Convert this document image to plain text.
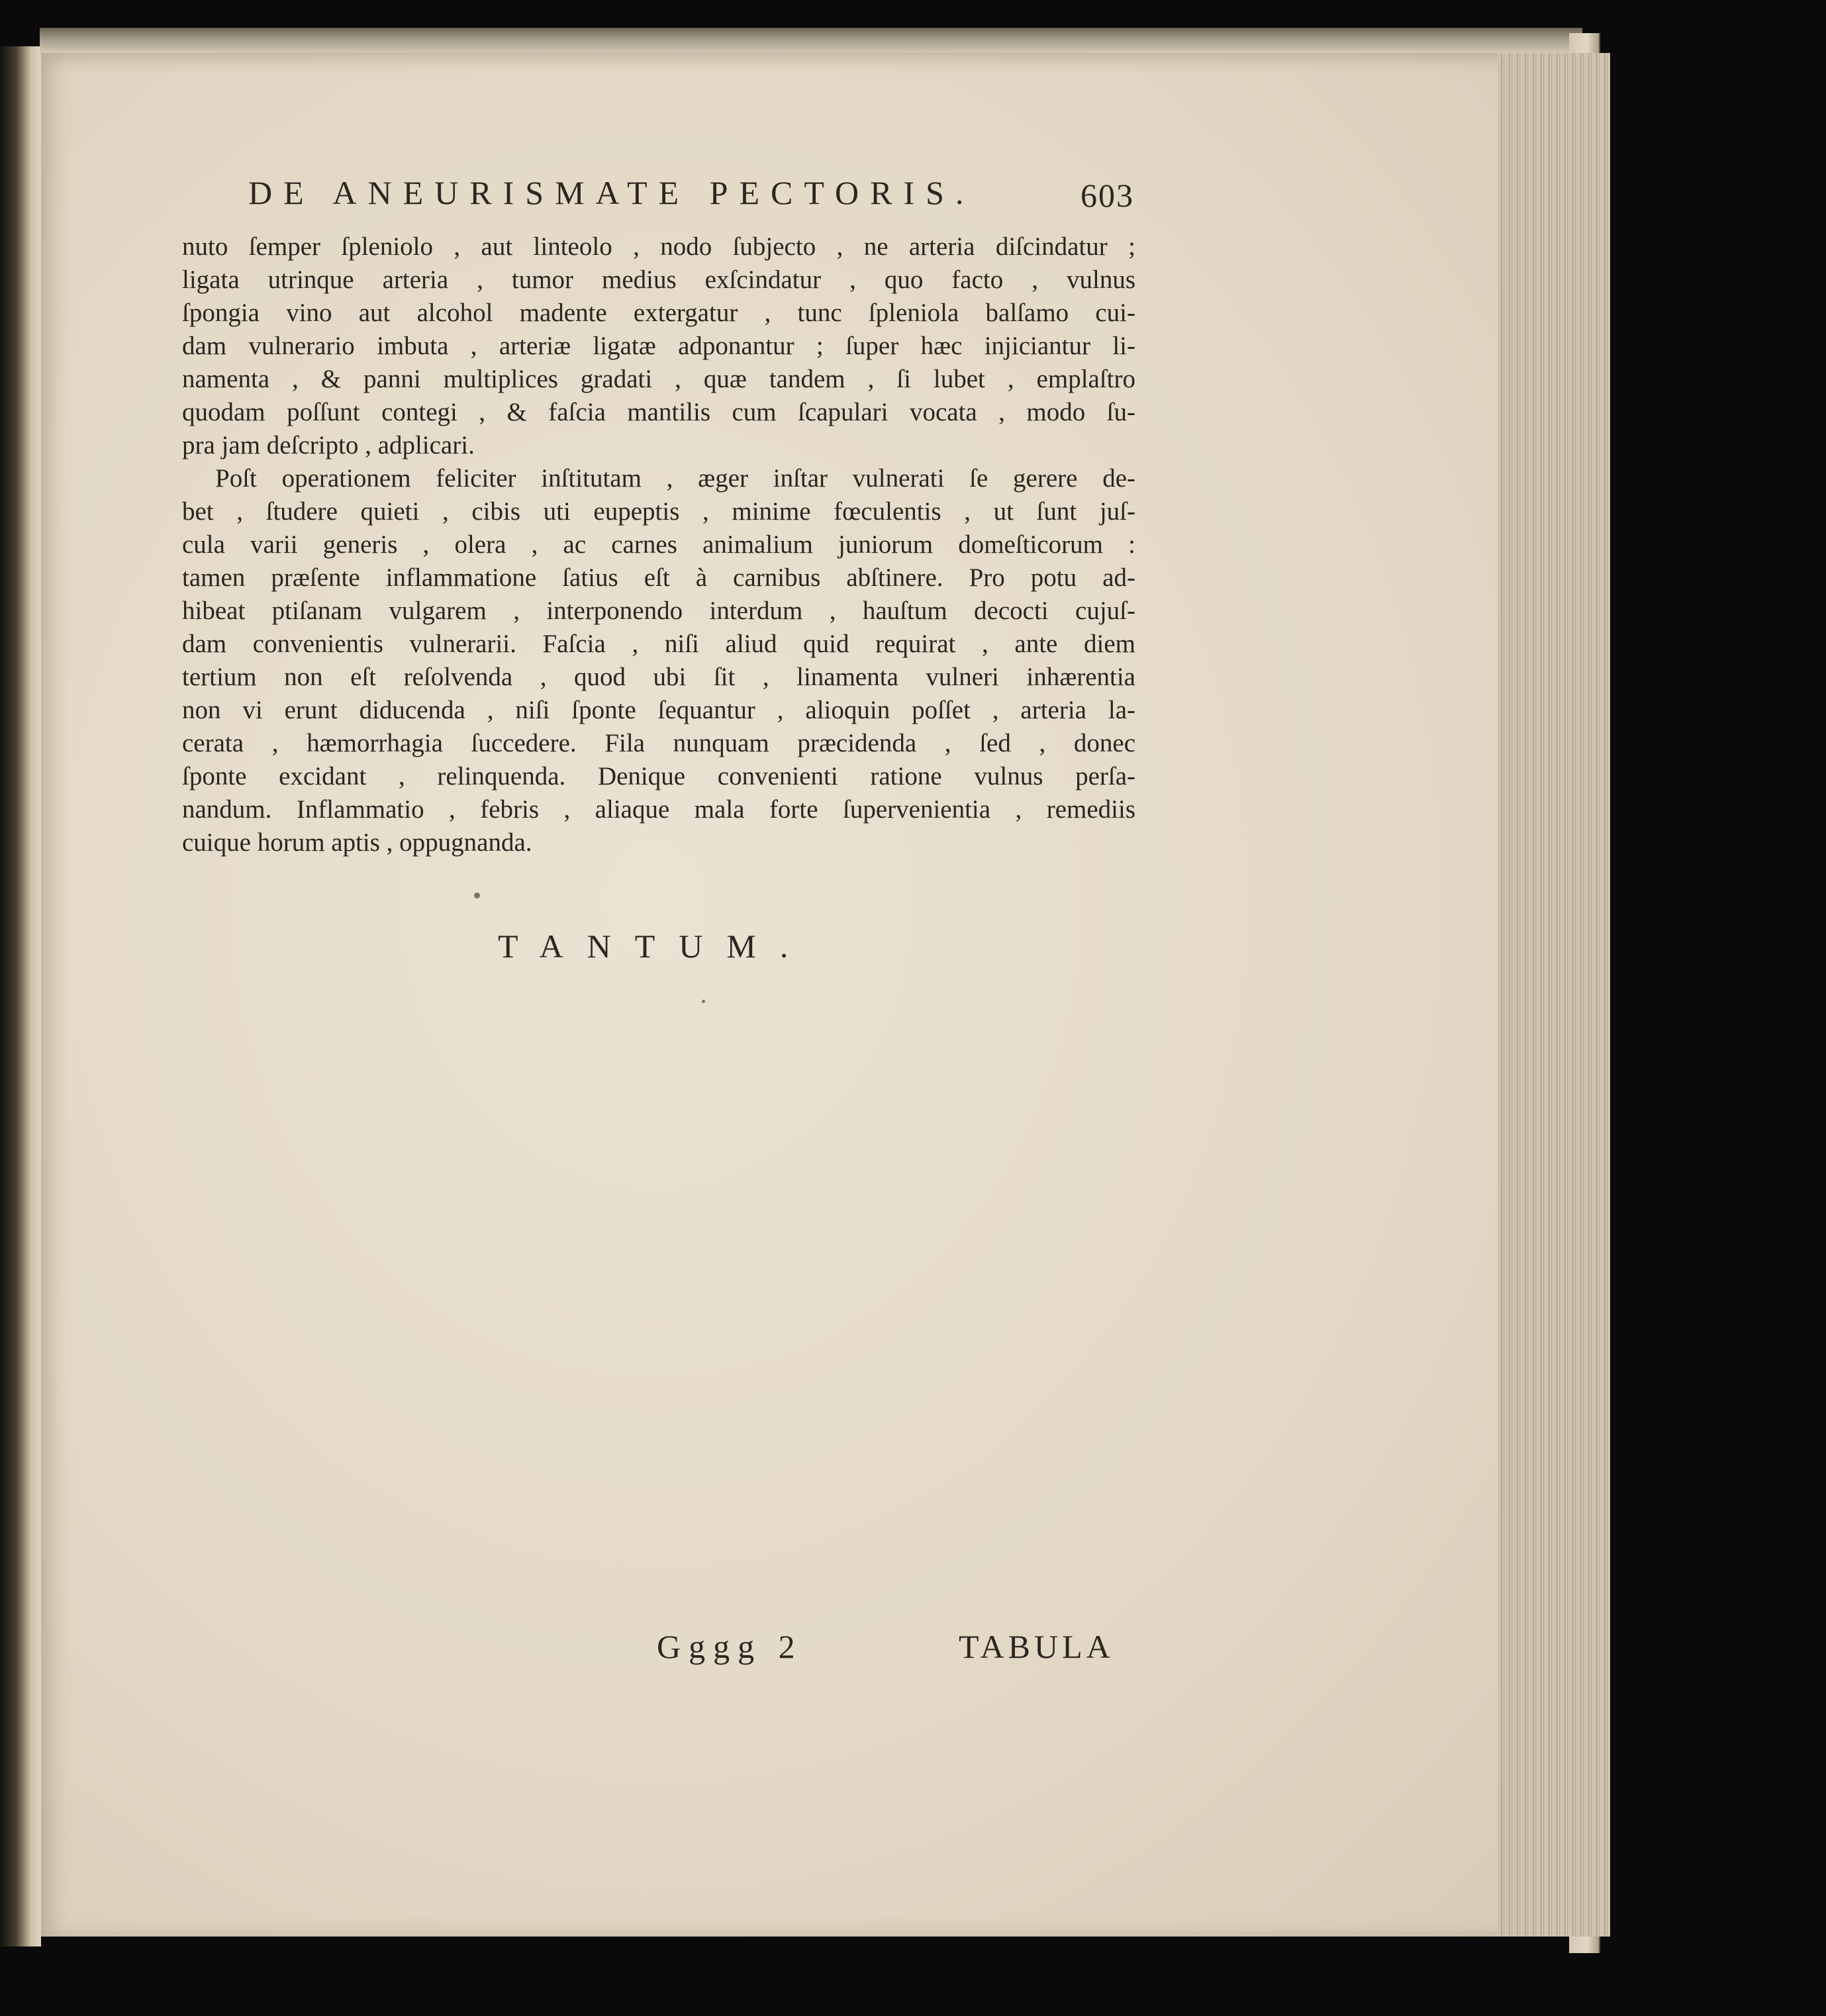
DE ANEURISMATE PECTORIS.	603
nuto ſemper ſpleniolo , aut linteolo , nodo ſubjecto , ne arteria diſcindatur ;
ligata utrinque arteria , tumor medius exſcindatur , quo facto , vulnus
ſpongia vino aut alcohol madente extergatur , tunc ſpleniola balſamo cui-
dam vulnerario imbuta , arteriæ ligatæ adponantur ; ſuper hæc injiciantur li-
namenta , & panni multiplices gradati , quæ tandem , ſi lubet , emplaſtro
quodam poſſunt contegi , & faſcia mantilis cum ſcapulari vocata , modo ſu-
pra jam deſcripto , adplicari.
Poſt operationem feliciter inſtitutam , æger inſtar vulnerati ſe gerere de-
bet , ſtudere quieti , cibis uti eupeptis , minime fœculentis , ut ſunt juſ-
cula varii generis , olera , ac carnes animalium juniorum domeſticorum :
tamen præſente inflammatione ſatius eſt à carnibus abſtinere. Pro potu ad-
hibeat ptiſanam vulgarem , interponendo interdum , hauſtum decocti cujuſ-
dam convenientis vulnerarii. Faſcia , niſi aliud quid requirat , ante diem
tertium non eſt reſolvenda , quod ubi ſit , linamenta vulneri inhærentia
non vi erunt diducenda , niſi ſponte ſequantur , alioquin poſſet , arteria la-
cerata , hæmorrhagia ſuccedere. Fila nunquam præcidenda , ſed , donec
ſponte excidant , relinquenda. Denique convenienti ratione vulnus perſa-
nandum. Inflammatio , febris , aliaque mala forte ſupervenientia , remediis
cuique horum aptis , oppugnanda.
TANTUM.
Gggg 2	TABULA
